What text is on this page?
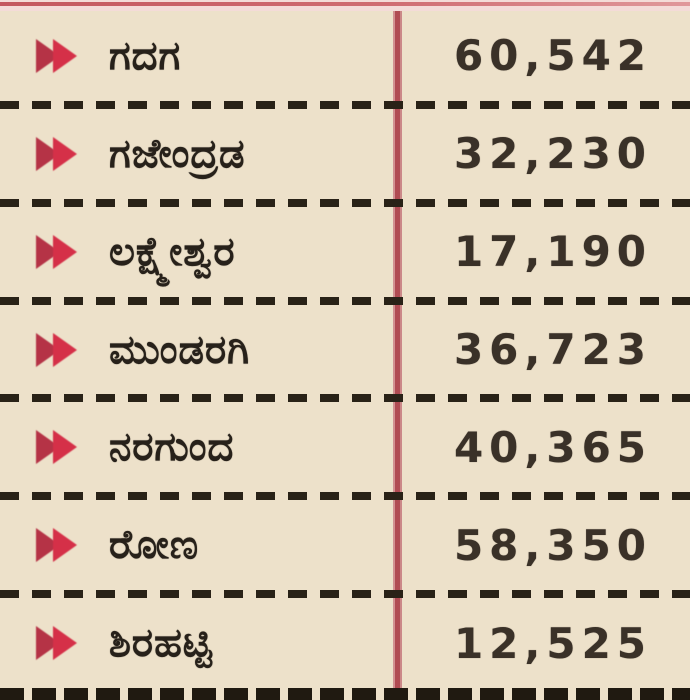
ಗದಗ	60,542
ಗಜೇಂದ್ರಡ	32,230
ಲಕ್ಷ್ಮೇಶ್ವರ	17,190
ಮುಂಡರಗಿ	36,723
ನರಗುಂದ	40,365
ರೋಣ	58,350
ಶಿರಹಟ್ಟಿ	12,525
